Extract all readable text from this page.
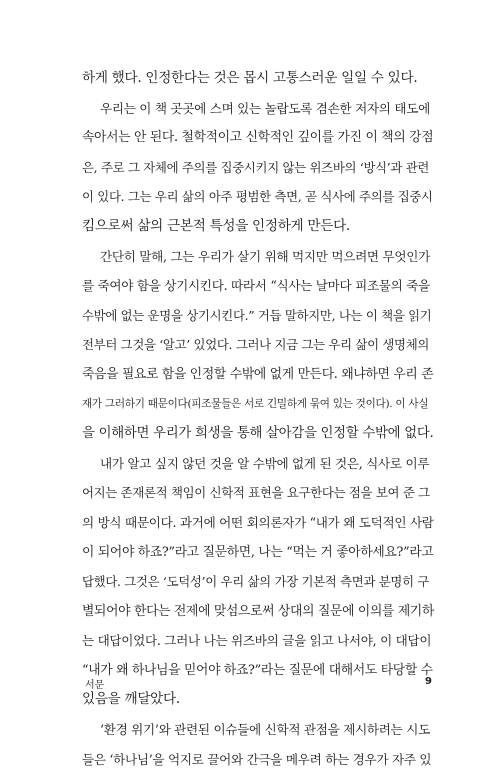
하게 했다. 인정한다는 것은 몹시 고통스러운 일일 수 있다.

우리는 이 책 곳곳에 스며 있는 놀랍도록 겸손한 저자의 태도에
속아서는 안 된다. 철학적이고 신학적인 깊이를 가진 이 책의 강점
은, 주로 그 자체에 주의를 집중시키지 않는 위즈바의 ‘방식’과 관련
이 있다. 그는 우리 삶의 아주 평범한 측면, 곧 식사에 주의를 집중시
킴으로써 삶의 근본적 특성을 인정하게 만든다.

간단히 말해, 그는 우리가 살기 위해 먹지만 먹으려면 무엇인가
를 죽여야 함을 상기시킨다. 따라서 “식사는 날마다 피조물의 죽을
수밖에 없는 운명을 상기시킨다.” 거듭 말하지만, 나는 이 책을 읽기
전부터 그것을 ‘알고’ 있었다. 그러나 지금 그는 우리 삶이 생명체의
죽음을 필요로 함을 인정할 수밖에 없게 만든다. 왜냐하면 우리 존
재가 그러하기 때문이다(피조물들은 서로 긴밀하게 묶여 있는 것이다). 이 사실
을 이해하면 우리가 희생을 통해 살아감을 인정할 수밖에 없다.

내가 알고 싶지 않던 것을 알 수밖에 없게 된 것은, 식사로 이루
어지는 존재론적 책임이 신학적 표현을 요구한다는 점을 보여 준 그
의 방식 때문이다. 과거에 어떤 회의론자가 “내가 왜 도덕적인 사람
이 되어야 하죠?”라고 질문하면, 나는 “먹는 거 좋아하세요?”라고
답했다. 그것은 ‘도덕성’이 우리 삶의 가장 기본적 측면과 분명히 구
별되어야 한다는 전제에 맞섬으로써 상대의 질문에 이의를 제기하
는 대답이었다. 그러나 나는 위즈바의 글을 읽고 나서야, 이 대답이
“내가 왜 하나님을 믿어야 하죠?”라는 질문에 대해서도 타당할 수
있음을 깨달았다.

‘환경 위기’와 관련된 이슈들에 신학적 관점을 제시하려는 시도
들은 ‘하나님’을 억지로 끌어와 간극을 메우려 하는 경우가 자주 있

서문	9
